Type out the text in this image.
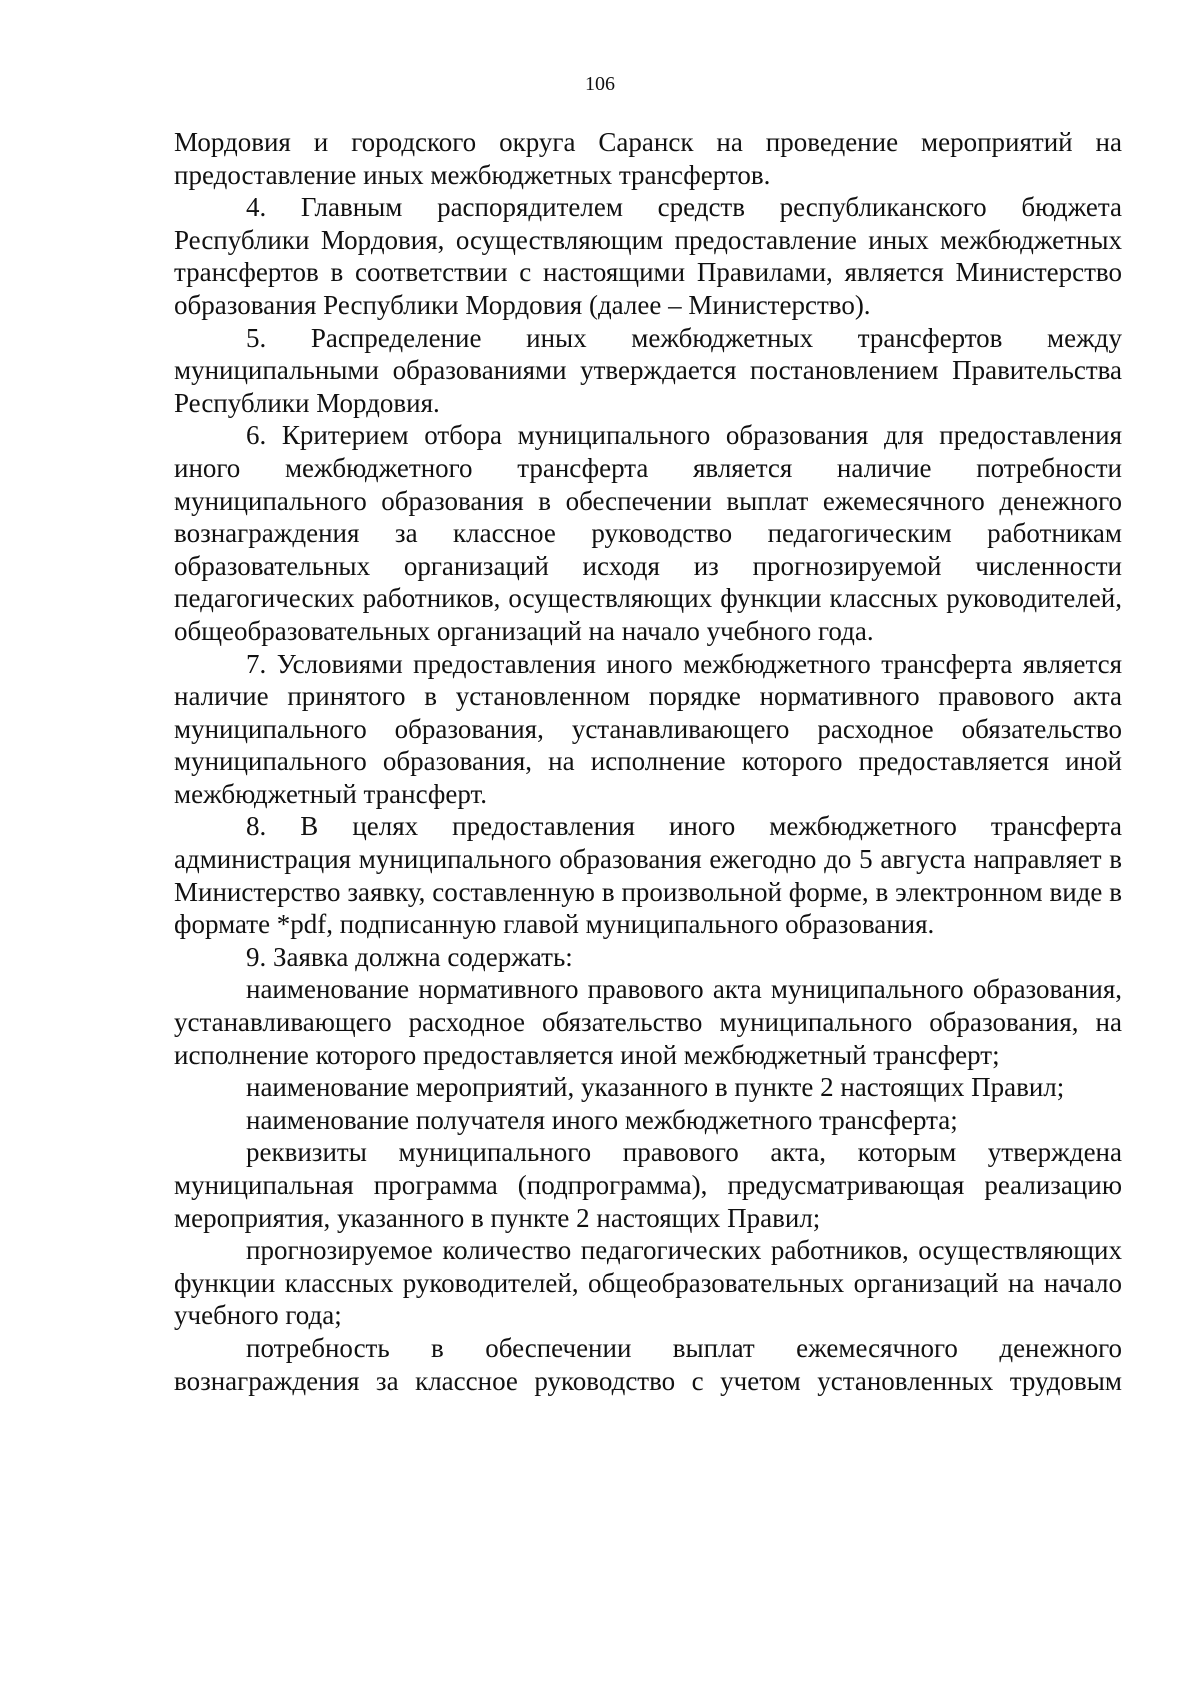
106

Мордовия и городского округа Саранск на проведение мероприятий на предоставление иных межбюджетных трансфертов.

4. Главным распорядителем средств республиканского бюджета Республики Мордовия, осуществляющим предоставление иных межбюджетных трансфертов в соответствии с настоящими Правилами, является Министерство образования Республики Мордовия (далее – Министерство).

5. Распределение иных межбюджетных трансфертов между муниципальными образованиями утверждается постановлением Правительства Республики Мордовия.

6. Критерием отбора муниципального образования для предоставления иного межбюджетного трансферта является наличие потребности муниципального образования в обеспечении выплат ежемесячного денежного вознаграждения за классное руководство педагогическим работникам образовательных организаций исходя из прогнозируемой численности педагогических работников, осуществляющих функции классных руководителей, общеобразовательных организаций на начало учебного года.

7. Условиями предоставления иного межбюджетного трансферта является наличие принятого в установленном порядке нормативного правового акта муниципального образования, устанавливающего расходное обязательство муниципального образования, на исполнение которого предоставляется иной межбюджетный трансферт.

8. В целях предоставления иного межбюджетного трансферта администрация муниципального образования ежегодно до 5 августа направляет в Министерство заявку, составленную в произвольной форме, в электронном виде в формате *pdf, подписанную главой муниципального образования.

9. Заявка должна содержать:

наименование нормативного правового акта муниципального образования, устанавливающего расходное обязательство муниципального образования, на исполнение которого предоставляется иной межбюджетный трансферт;

наименование мероприятий, указанного в пункте 2 настоящих Правил;

наименование получателя иного межбюджетного трансферта;

реквизиты муниципального правового акта, которым утверждена муниципальная программа (подпрограмма), предусматривающая реализацию мероприятия, указанного в пункте 2 настоящих Правил;

прогнозируемое количество педагогических работников, осуществляющих функции классных руководителей, общеобразовательных организаций на начало учебного года;

потребность в обеспечении выплат ежемесячного денежного вознаграждения за классное руководство с учетом установленных трудовым
